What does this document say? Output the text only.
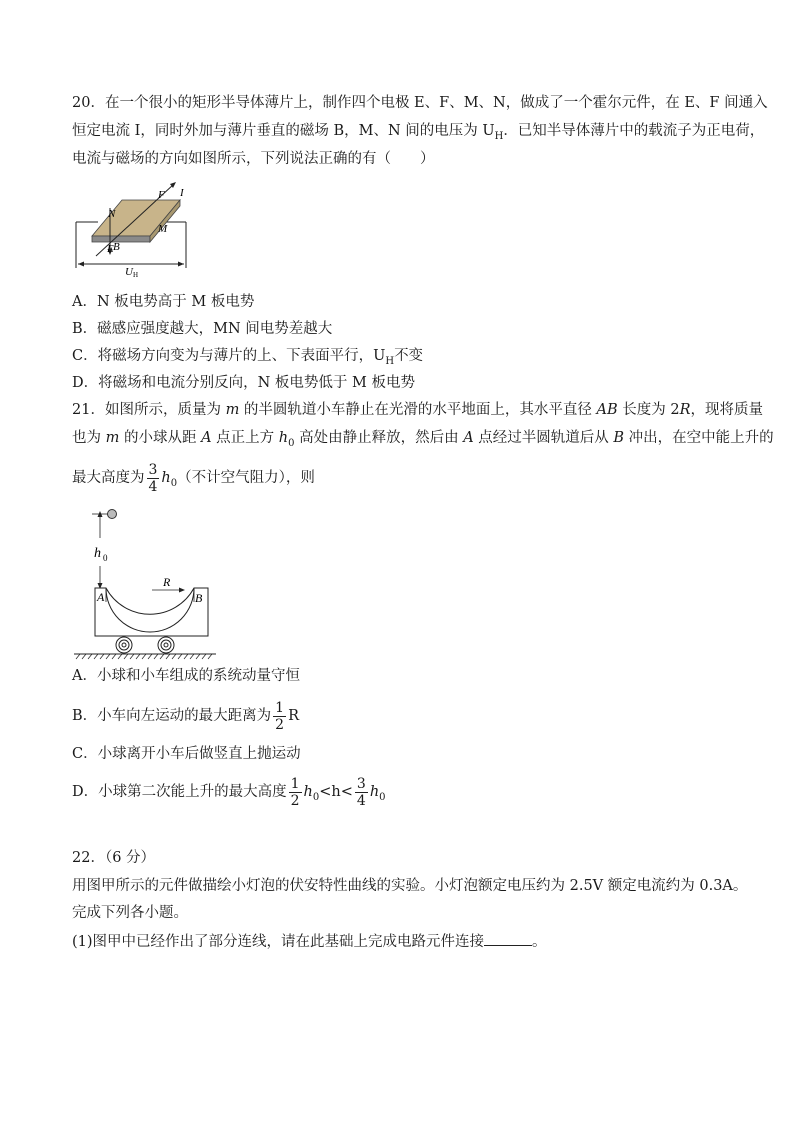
20．在一个很小的矩形半导体薄片上，制作四个电极 E、F、M、N，做成了一个霍尔元件，在 E、F 间通入
恒定电流 I，同时外加与薄片垂直的磁场 B，M、N 间的电压为 $U_H$．已知半导体薄片中的载流子为正电荷，
电流与磁场的方向如图所示，下列说法正确的有（　　）
N
F I
M
E B
U H
A．N 板电势高于 M 板电势
B．磁感应强度越大，MN 间电势差越大
C．将磁场方向变为与薄片的上、下表面平行，$U_H$不变
D．将磁场和电流分别反向，N 板电势低于 M 板电势
21．如图所示，质量为 m 的半圆轨道小车静止在光滑的水平地面上，其水平直径 AB 长度为 2R，现将质量
也为 m 的小球从距 A 点正上方 $h_0$ 高处由静止释放，然后由 A 点经过半圆轨道后从 B 冲出，在空中能上升的
最大高度为 $\frac{3}{4} h_0$（不计空气阻力），则
h 0
R
A	B
A．小球和小车组成的系统动量守恒
B．小车向左运动的最大距离为 $\frac{1}{2}$ R
C．小球离开小车后做竖直上抛运动
D．小球第二次能上升的最大高度 $\frac{1}{2} h_0<h< \frac{3}{4} h_0$
22．（6 分）
用图甲所示的元件做描绘小灯泡的伏安特性曲线的实验。小灯泡额定电压约为 2.5V 额定电流约为 0.3A。
完成下列各小题。
(1)图甲中已经作出了部分连线，请在此基础上完成电路元件连接	。
